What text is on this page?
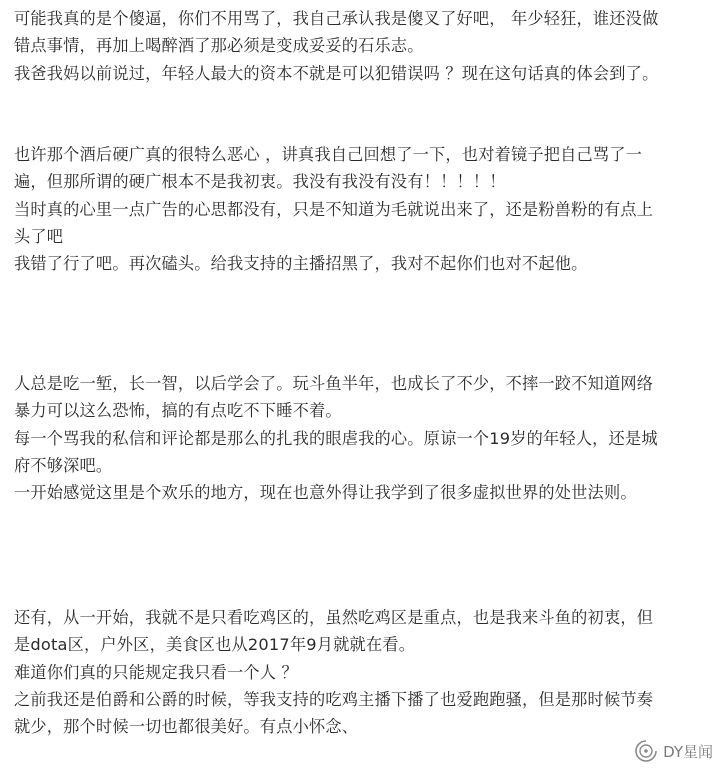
可能我真的是个傻逼，你们不用骂了，我自己承认我是傻叉了好吧， 年少轻狂，谁还没做
错点事情，再加上喝醉酒了那必须是变成妥妥的石乐志。
我爸我妈以前说过，年轻人最大的资本不就是可以犯错误吗 ？现在这句话真的体会到了。
也许那个酒后硬广真的很特么恶心 ，讲真我自己回想了一下，也对着镜子把自己骂了一
遍，但那所谓的硬广根本不是我初衷。我没有我没有没有！！！！！
当时真的心里一点广告的心思都没有，只是不知道为毛就说出来了，还是粉兽粉的有点上
头了吧
我错了行了吧。再次磕头。给我支持的主播招黑了，我对不起你们也对不起他。
人总是吃一堑，长一智，以后学会了。玩斗鱼半年，也成长了不少，不摔一跤不知道网络
暴力可以这么恐怖，搞的有点吃不下睡不着。
每一个骂我的私信和评论都是那么的扎我的眼虐我的心。原谅一个19岁的年轻人，还是城
府不够深吧。
一开始感觉这里是个欢乐的地方，现在也意外得让我学到了很多虚拟世界的处世法则。
还有，从一开始，我就不是只看吃鸡区的，虽然吃鸡区是重点，也是我来斗鱼的初衷，但
是dota区，户外区，美食区也从2017年9月就就在看。
难道你们真的只能规定我只看一个人 ？
之前我还是伯爵和公爵的时候，等我支持的吃鸡主播下播了也爱跑跑骚，但是那时候节奏
就少，那个时候一切也都很美好。有点小怀念、
DY星闻
